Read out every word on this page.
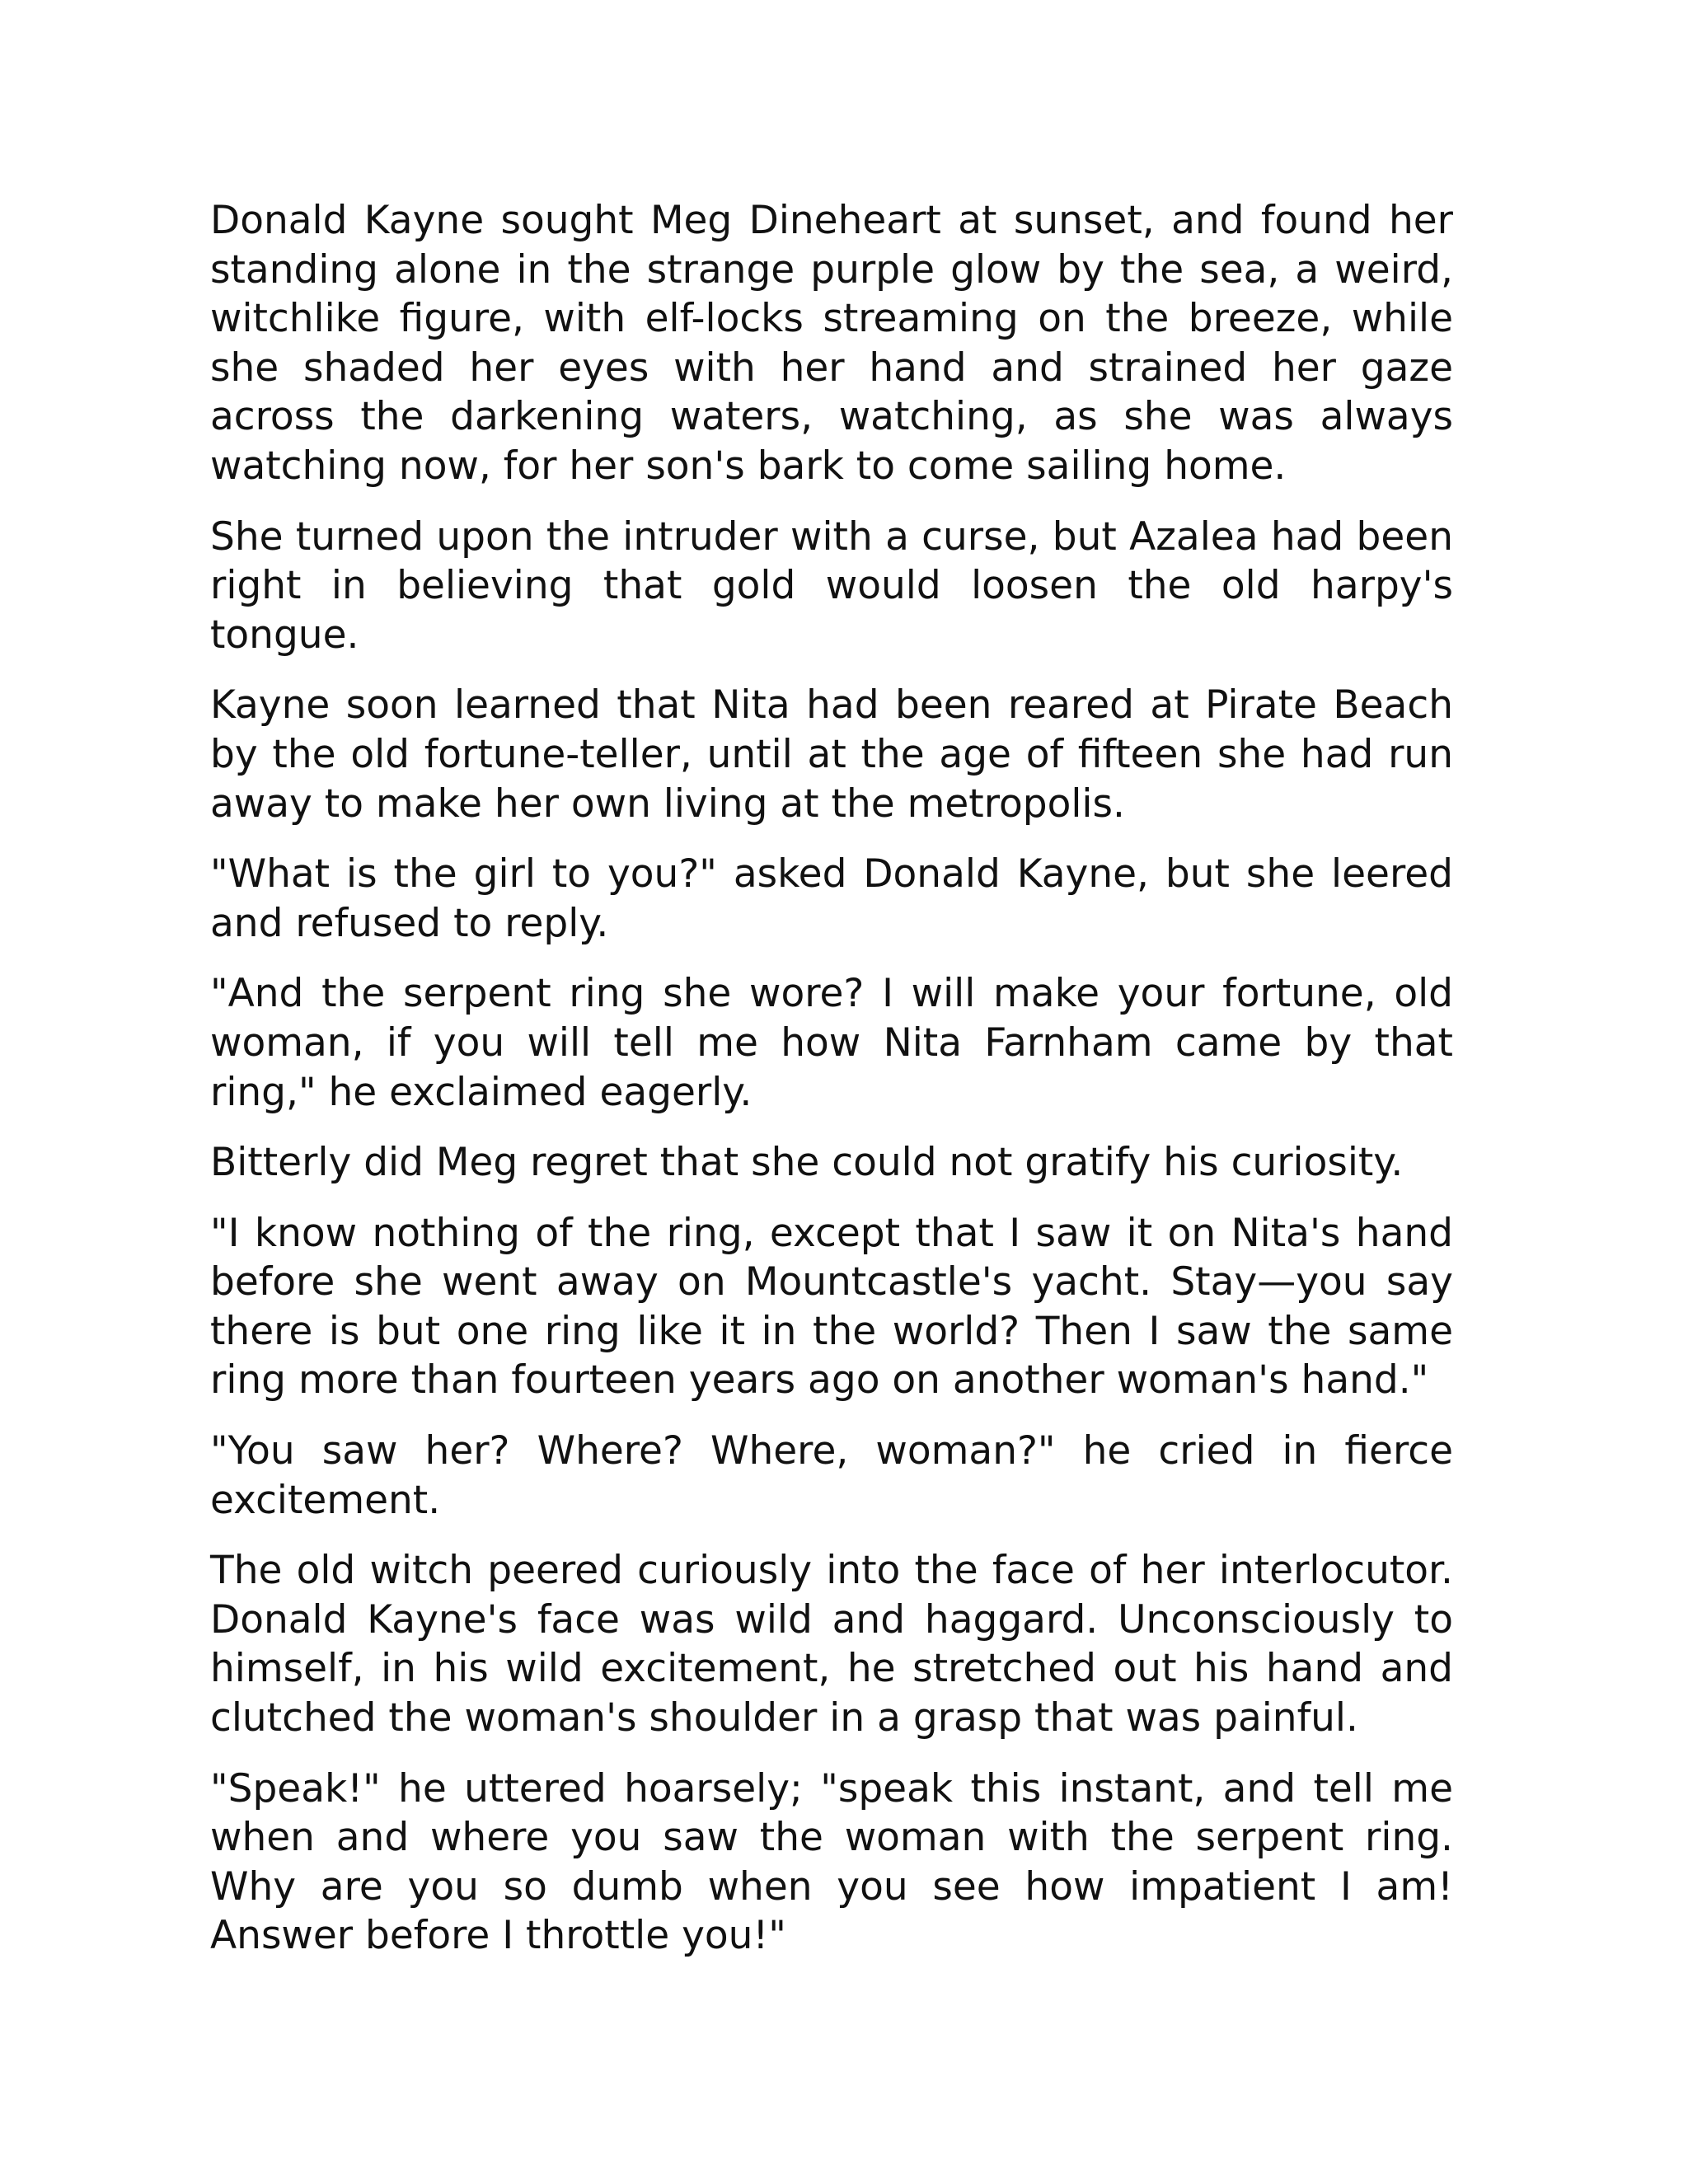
Donald Kayne sought Meg Dineheart at sunset, and found her standing alone in the strange purple glow by the sea, a weird, witchlike figure, with elf-locks streaming on the breeze, while she shaded her eyes with her hand and strained her gaze across the darkening waters, watching, as she was always watching now, for her son's bark to come sailing home.

She turned upon the intruder with a curse, but Azalea had been right in believing that gold would loosen the old harpy's tongue.

Kayne soon learned that Nita had been reared at Pirate Beach by the old fortune-teller, until at the age of fifteen she had run away to make her own living at the metropolis.

"What is the girl to you?" asked Donald Kayne, but she leered and refused to reply.

"And the serpent ring she wore? I will make your fortune, old woman, if you will tell me how Nita Farnham came by that ring," he exclaimed eagerly.

Bitterly did Meg regret that she could not gratify his curiosity.

"I know nothing of the ring, except that I saw it on Nita's hand before she went away on Mountcastle's yacht. Stay—you say there is but one ring like it in the world? Then I saw the same ring more than fourteen years ago on another woman's hand."

"You saw her? Where? Where, woman?" he cried in fierce excitement.

The old witch peered curiously into the face of her interlocutor. Donald Kayne's face was wild and haggard. Unconsciously to himself, in his wild excitement, he stretched out his hand and clutched the woman's shoulder in a grasp that was painful.

"Speak!" he uttered hoarsely; "speak this instant, and tell me when and where you saw the woman with the serpent ring. Why are you so dumb when you see how impatient I am! Answer before I throttle you!"
